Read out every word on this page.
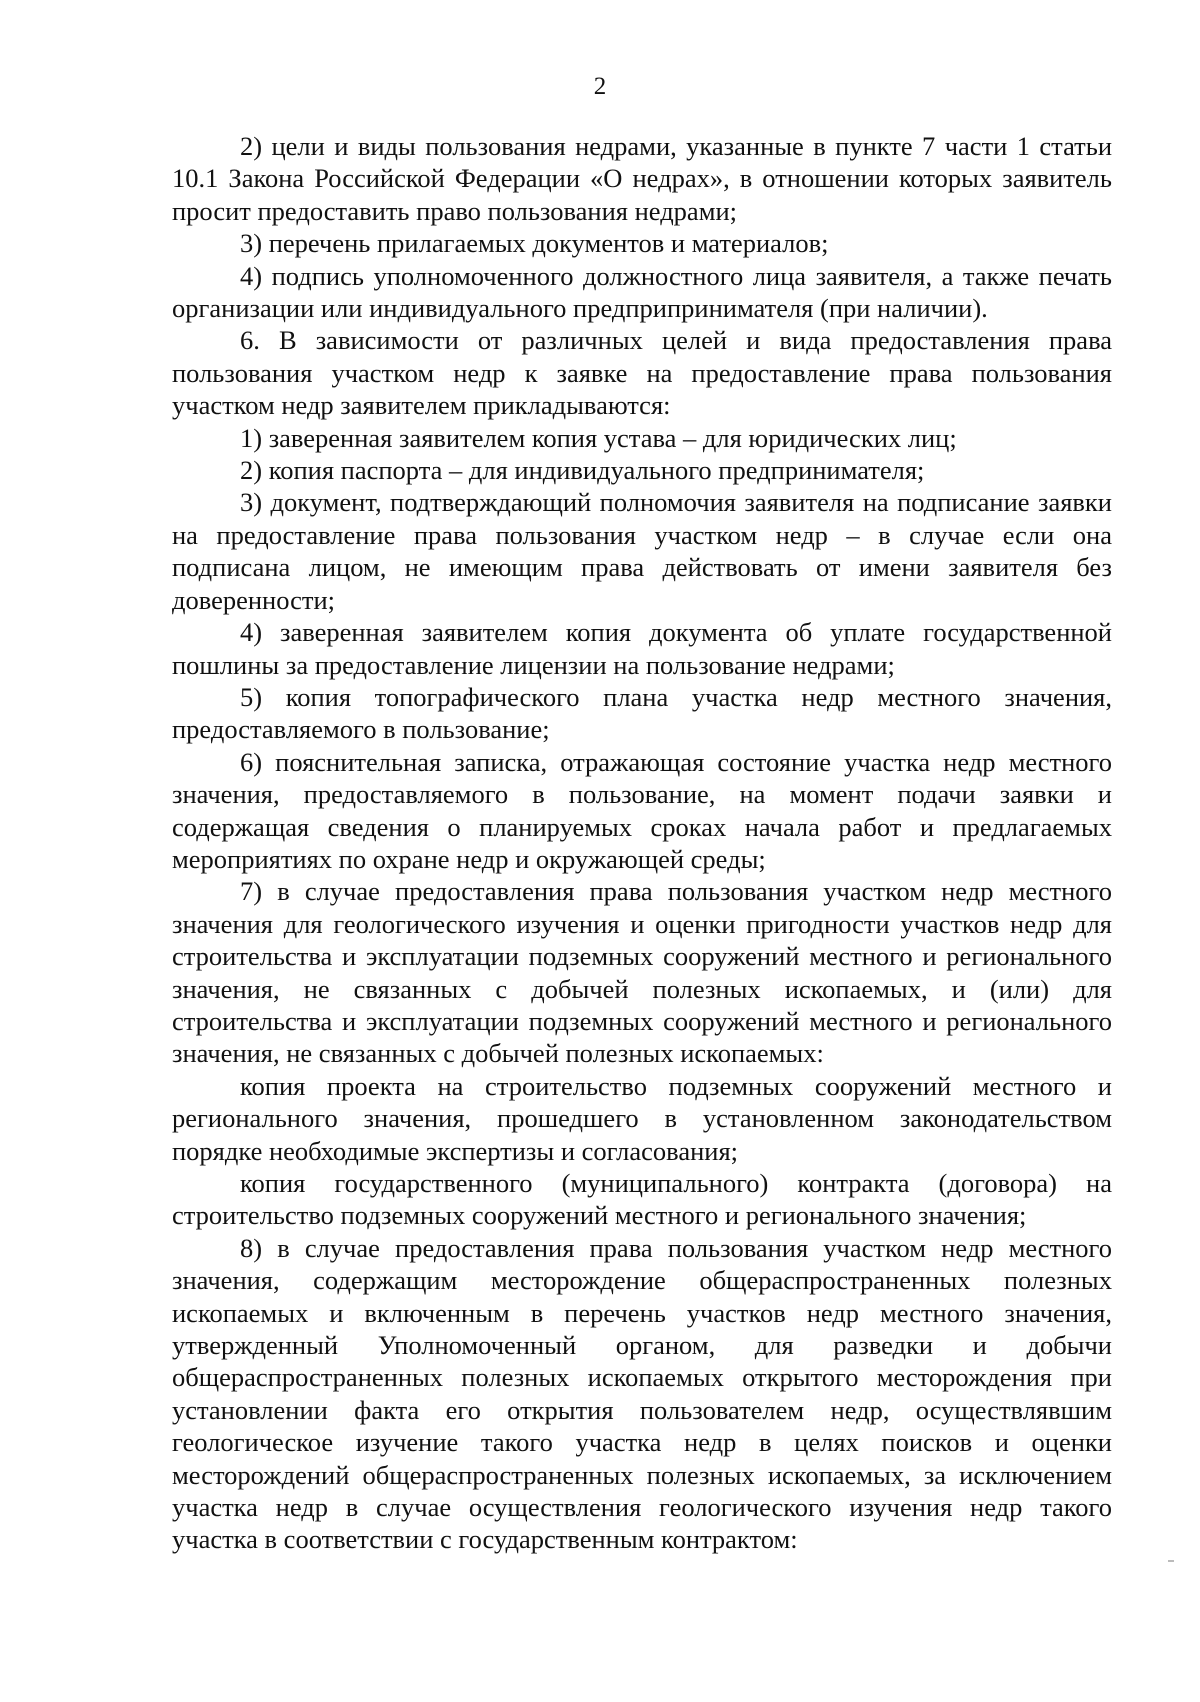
2

2) цели и виды пользования недрами, указанные в пункте 7 части 1 статьи 10.1 Закона Российской Федерации «О недрах», в отношении которых заявитель просит предоставить право пользования недрами;

3) перечень прилагаемых документов и материалов;

4) подпись уполномоченного должностного лица заявителя, а также печать организации или индивидуального предприпринимателя (при наличии).

6. В зависимости от различных целей и вида предоставления права пользования участком недр к заявке на предоставление права пользования участком недр заявителем прикладываются:

1) заверенная заявителем копия устава – для юридических лиц;

2) копия паспорта – для индивидуального предпринимателя;

3) документ, подтверждающий полномочия заявителя на подписание заявки на предоставление права пользования участком недр – в случае если она подписана лицом, не имеющим права действовать от имени заявителя без доверенности;

4) заверенная заявителем копия документа об уплате государственной пошлины за предоставление лицензии на пользование недрами;

5) копия топографического плана участка недр местного значения, предоставляемого в пользование;

6) пояснительная записка, отражающая состояние участка недр местного значения, предоставляемого в пользование, на момент подачи заявки и содержащая сведения о планируемых сроках начала работ и предлагаемых мероприятиях по охране недр и окружающей среды;

7) в случае предоставления права пользования участком недр местного значения для геологического изучения и оценки пригодности участков недр для строительства и эксплуатации подземных сооружений местного и регионального значения, не связанных с добычей полезных ископаемых, и (или) для строительства и эксплуатации подземных сооружений местного и регионального значения, не связанных с добычей полезных ископаемых:

копия проекта на строительство подземных сооружений местного и регионального значения, прошедшего в установленном законодательством порядке необходимые экспертизы и согласования;

копия государственного (муниципального) контракта (договора) на строительство подземных сооружений местного и регионального значения;

8) в случае предоставления права пользования участком недр местного значения, содержащим месторождение общераспространенных полезных ископаемых и включенным в перечень участков недр местного значения, утвержденный Уполномоченный органом, для разведки и добычи общераспространенных полезных ископаемых открытого месторождения при установлении факта его открытия пользователем недр, осуществлявшим геологическое изучение такого участка недр в целях поисков и оценки месторождений общераспространенных полезных ископаемых, за исключением участка недр в случае осуществления геологического изучения недр такого участка в соответствии с государственным контрактом:
